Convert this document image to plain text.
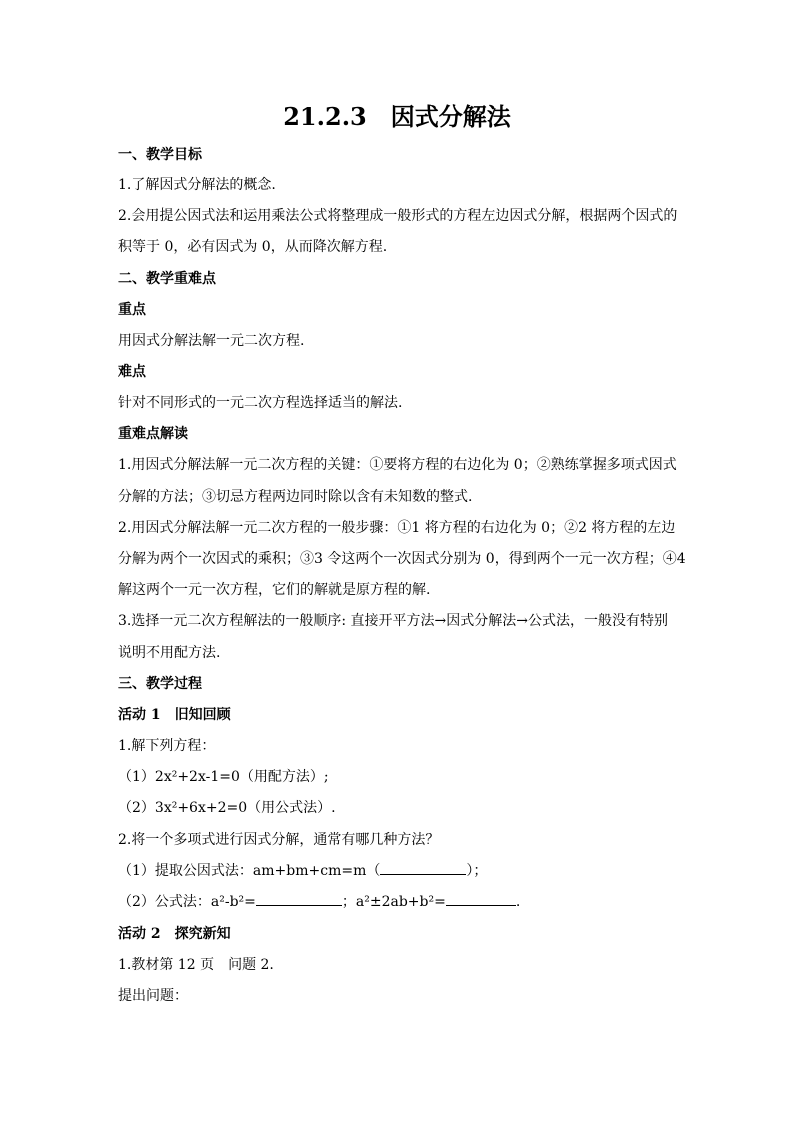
21.2.3　因式分解法
一、教学目标
1.了解因式分解法的概念.
2.会用提公因式法和运用乘法公式将整理成一般形式的方程左边因式分解，根据两个因式的
积等于 0，必有因式为 0，从而降次解方程.
二、教学重难点
重点
用因式分解法解一元二次方程.
难点
针对不同形式的一元二次方程选择适当的解法.
重难点解读
1.用因式分解法解一元二次方程的关键：①要将方程的右边化为 0；②熟练掌握多项式因式
分解的方法；③切忌方程两边同时除以含有未知数的整式.
2.用因式分解法解一元二次方程的一般步骤：①1 将方程的右边化为 0；②2 将方程的左边
分解为两个一次因式的乘积；③3 令这两个一次因式分别为 0，得到两个一元一次方程；④4
解这两个一元一次方程，它们的解就是原方程的解.
3.选择一元二次方程解法的一般顺序: 直接开平方法→因式分解法→公式法，一般没有特别
说明不用配方法.
三、教学过程
活动 1　旧知回顾
1.解下列方程：
（1）2x²+2x-1=0（用配方法）;
（2）3x²+6x+2=0（用公式法）.
2.将一个多项式进行因式分解，通常有哪几种方法？
（1）提取公因式法：am+bm+cm=m（	）；
（2）公式法：a²-b²=	；a²±2ab+b²=	.
活动 2　探究新知
1.教材第 12 页　问题 2.
提出问题：
